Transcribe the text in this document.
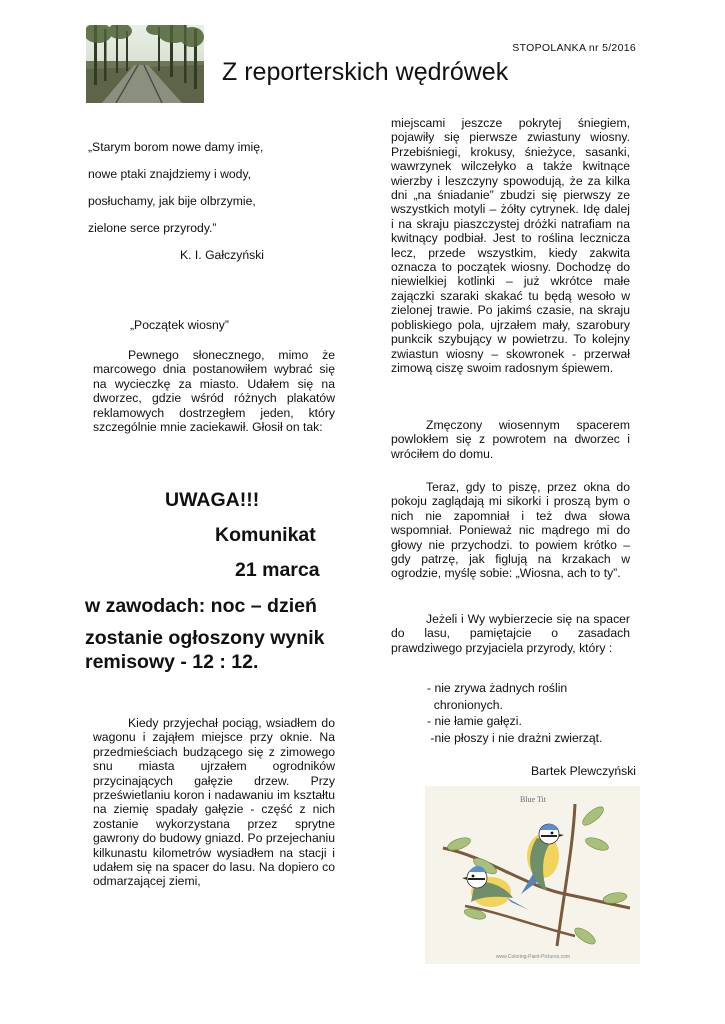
STOPOLANKA nr 5/2016
Z reporterskich wędrówek
„Starym borom nowe damy imię,
nowe ptaki znajdziemy i wody,
posłuchamy, jak bije olbrzymie,
zielone serce przyrody.”
K. I. Gałczyński
„Początek wiosny”

Pewnego słonecznego, mimo że marcowego dnia postanowiłem wybrać się na wycieczkę za miasto. Udałem się na dworzec, gdzie wśród różnych plakatów reklamowych dostrzegłem jeden, który szczególnie mnie zaciekawił. Głosił on tak:

UWAGA!!!
Komunikat
21 marca
w zawodach: noc – dzień
zostanie ogłoszony wynik remisowy - 12 : 12.

Kiedy przyjechał pociąg, wsiadłem do wagonu i zająłem miejsce przy oknie. Na przedmieściach budzącego się z zimowego snu miasta ujrzałem ogrodników przycinających gałęzie drzew. Przy prześwietlaniu koron i nadawaniu im kształtu na ziemię spadały gałęzie - część z nich zostanie wykorzystana przez sprytne gawrony do budowy gniazd. Po przejechaniu kilkunastu kilometrów wysiadłem na stacji i udałem się na spacer do lasu. Na dopiero co odmarzającej ziemi,

miejscami jeszcze pokrytej śniegiem, pojawiły się pierwsze zwiastuny wiosny. Przebiśniegi, krokusy, śnieżyce, sasanki, wawrzynek wilczełyko a także kwitnące wierzby i leszczyny spowodują, że za kilka dni „na śniadanie” zbudzi się pierwszy ze wszystkich motyli – żółty cytrynek. Idę dalej i na skraju piaszczystej dróżki natrafiam na kwitnący podbiał. Jest to roślina lecznicza lecz, przede wszystkim, kiedy zakwita oznacza to początek wiosny. Dochodzę do niewielkiej kotlinki – już wkrótce małe zajączki szaraki skakać tu będą wesoło w zielonej trawie. Po jakimś czasie, na skraju pobliskiego pola, ujrzałem mały, szarobury punkcik szybujący w powietrzu. To kolejny zwiastun wiosny – skowronek - przerwał zimową ciszę swoim radosnym śpiewem.
Zmęczony wiosennym spacerem powlokłem się z powrotem na dworzec i wróciłem do domu.
Teraz, gdy to piszę, przez okna do pokoju zaglądają mi sikorki i proszą bym o nich nie zapomniał i też dwa słowa wspomniał. Ponieważ nic mądrego mi do głowy nie przychodzi. to powiem krótko – gdy patrzę, jak figlują na krzakach w ogrodzie, myślę sobie: „Wiosna, ach to ty”.
Jeżeli i Wy wybierzecie się na spacer do lasu, pamiętajcie o zasadach prawdziwego przyjaciela przyrody, który :
- nie zrywa żadnych roślin
chronionych.
- nie łamie gałęzi.
-nie płoszy i nie drażni zwierząt.
Bartek Plewczyński
Blue Tit
www.Coloring-Paint-Pictures.com
